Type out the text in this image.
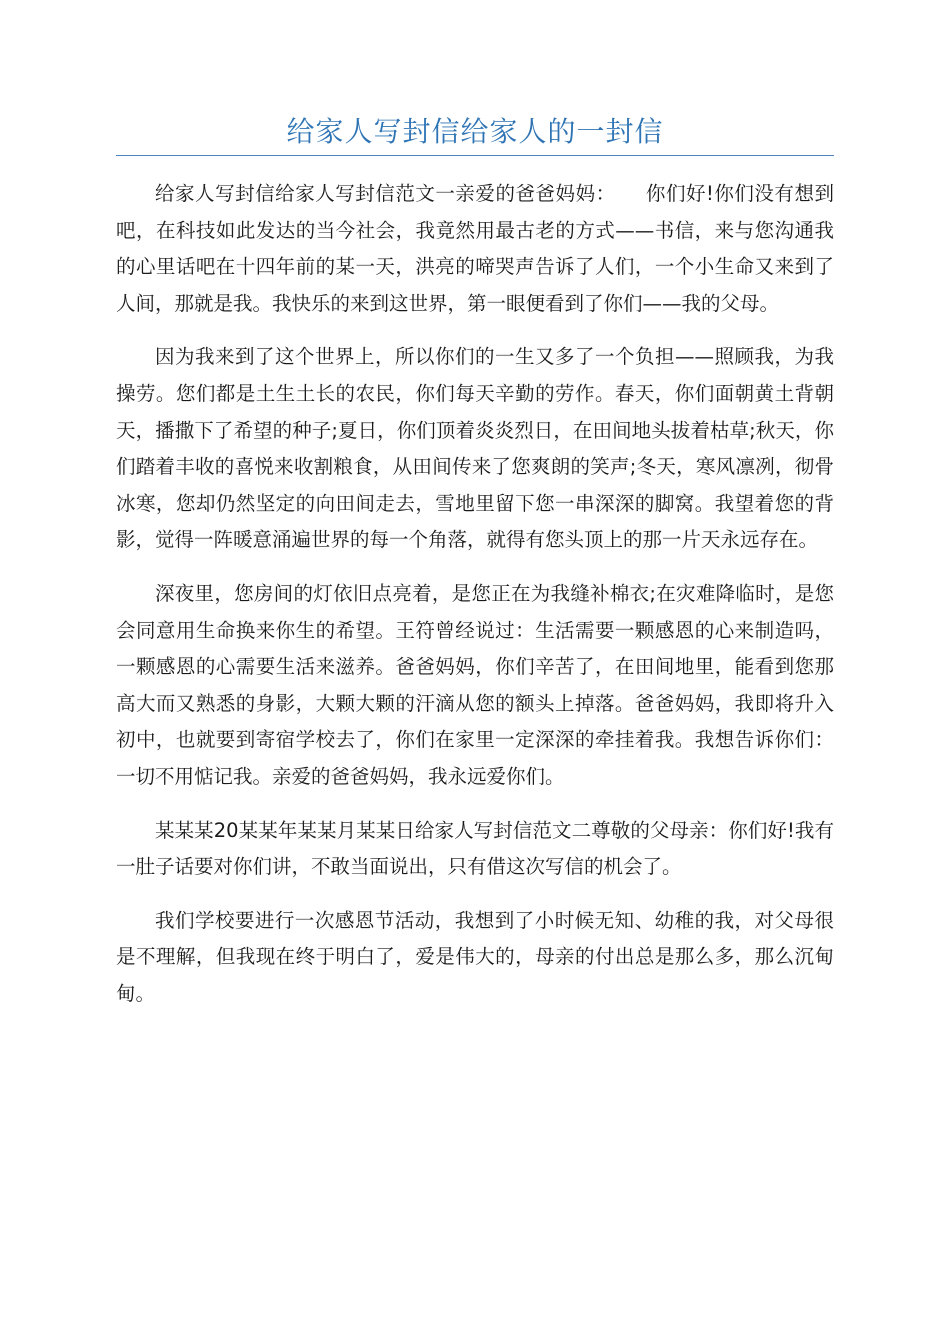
给家人写封信给家人的一封信

给家人写封信给家人写封信范文一亲爱的爸爸妈妈：　　你们好!你们没有想到吧，在科技如此发达的当今社会，我竟然用最古老的方式——书信，来与您沟通我的心里话吧在十四年前的某一天，洪亮的啼哭声告诉了人们，一个小生命又来到了人间，那就是我。我快乐的来到这世界，第一眼便看到了你们——我的父母。

因为我来到了这个世界上，所以你们的一生又多了一个负担——照顾我，为我操劳。您们都是土生土长的农民，你们每天辛勤的劳作。春天，你们面朝黄土背朝天，播撒下了希望的种子;夏日，你们顶着炎炎烈日，在田间地头拔着枯草;秋天，你们踏着丰收的喜悦来收割粮食，从田间传来了您爽朗的笑声;冬天，寒风凛冽，彻骨冰寒，您却仍然坚定的向田间走去，雪地里留下您一串深深的脚窝。我望着您的背影，觉得一阵暖意涌遍世界的每一个角落，就得有您头顶上的那一片天永远存在。

深夜里，您房间的灯依旧点亮着，是您正在为我缝补棉衣;在灾难降临时，是您会同意用生命换来你生的希望。王符曾经说过：生活需要一颗感恩的心来制造吗，一颗感恩的心需要生活来滋养。爸爸妈妈，你们辛苦了，在田间地里，能看到您那高大而又熟悉的身影，大颗大颗的汗滴从您的额头上掉落。爸爸妈妈，我即将升入初中，也就要到寄宿学校去了，你们在家里一定深深的牵挂着我。我想告诉你们：一切不用惦记我。亲爱的爸爸妈妈，我永远爱你们。

某某某20某某年某某月某某日给家人写封信范文二尊敬的父母亲：你们好!我有一肚子话要对你们讲，不敢当面说出，只有借这次写信的机会了。

我们学校要进行一次感恩节活动，我想到了小时候无知、幼稚的我，对父母很是不理解，但我现在终于明白了，爱是伟大的，母亲的付出总是那么多，那么沉甸甸。
